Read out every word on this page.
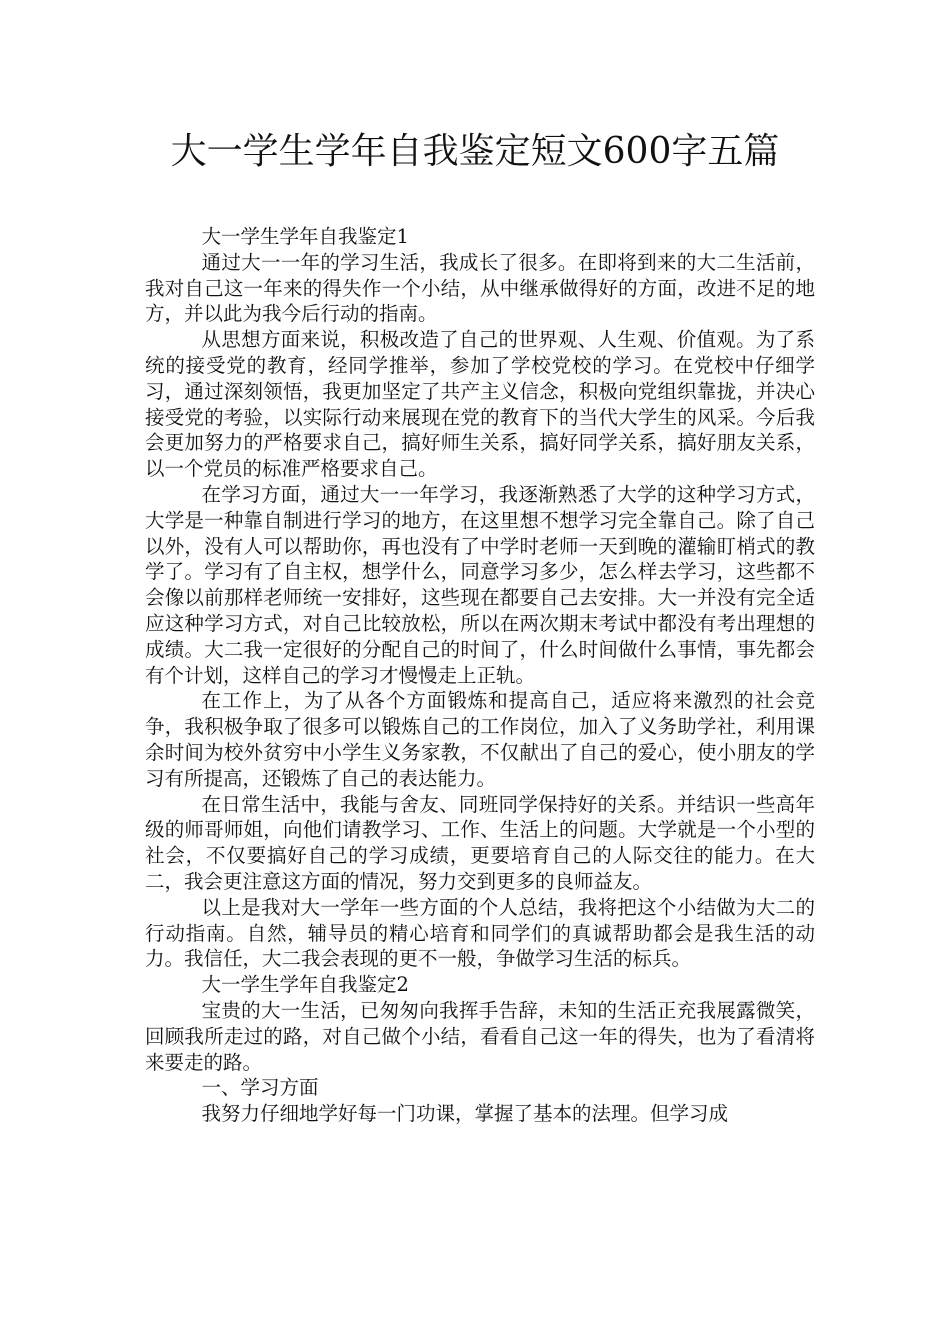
大一学生学年自我鉴定短文600字五篇

大一学生学年自我鉴定1

通过大一一年的学习生活，我成长了很多。在即将到来的大二生活前，我对自己这一年来的得失作一个小结，从中继承做得好的方面，改进不足的地方，并以此为我今后行动的指南。

从思想方面来说，积极改造了自己的世界观、人生观、价值观。为了系统的接受党的教育，经同学推举，参加了学校党校的学习。在党校中仔细学习，通过深刻领悟，我更加坚定了共产主义信念，积极向党组织靠拢，并决心接受党的考验，以实际行动来展现在党的教育下的当代大学生的风采。今后我会更加努力的严格要求自己，搞好师生关系，搞好同学关系，搞好朋友关系，以一个党员的标准严格要求自己。

在学习方面，通过大一一年学习，我逐渐熟悉了大学的这种学习方式，大学是一种靠自制进行学习的地方，在这里想不想学习完全靠自己。除了自己以外，没有人可以帮助你，再也没有了中学时老师一天到晚的灌输盯梢式的教学了。学习有了自主权，想学什么，同意学习多少，怎么样去学习，这些都不会像以前那样老师统一安排好，这些现在都要自己去安排。大一并没有完全适应这种学习方式，对自己比较放松，所以在两次期末考试中都没有考出理想的成绩。大二我一定很好的分配自己的时间了，什么时间做什么事情，事先都会有个计划，这样自己的学习才慢慢走上正轨。

在工作上，为了从各个方面锻炼和提高自己，适应将来激烈的社会竞争，我积极争取了很多可以锻炼自己的工作岗位，加入了义务助学社，利用课余时间为校外贫穷中小学生义务家教，不仅献出了自己的爱心，使小朋友的学习有所提高，还锻炼了自己的表达能力。

在日常生活中，我能与舍友、同班同学保持好的关系。并结识一些高年级的师哥师姐，向他们请教学习、工作、生活上的问题。大学就是一个小型的社会，不仅要搞好自己的学习成绩，更要培育自己的人际交往的能力。在大二，我会更注意这方面的情况，努力交到更多的良师益友。

以上是我对大一学年一些方面的个人总结，我将把这个小结做为大二的行动指南。自然，辅导员的精心培育和同学们的真诚帮助都会是我生活的动力。我信任，大二我会表现的更不一般，争做学习生活的标兵。

大一学生学年自我鉴定2

宝贵的大一生活，已匆匆向我挥手告辞，未知的生活正充我展露微笑，回顾我所走过的路，对自己做个小结，看看自己这一年的得失，也为了看清将来要走的路。

一、学习方面

我努力仔细地学好每一门功课，掌握了基本的法理。但学习成
